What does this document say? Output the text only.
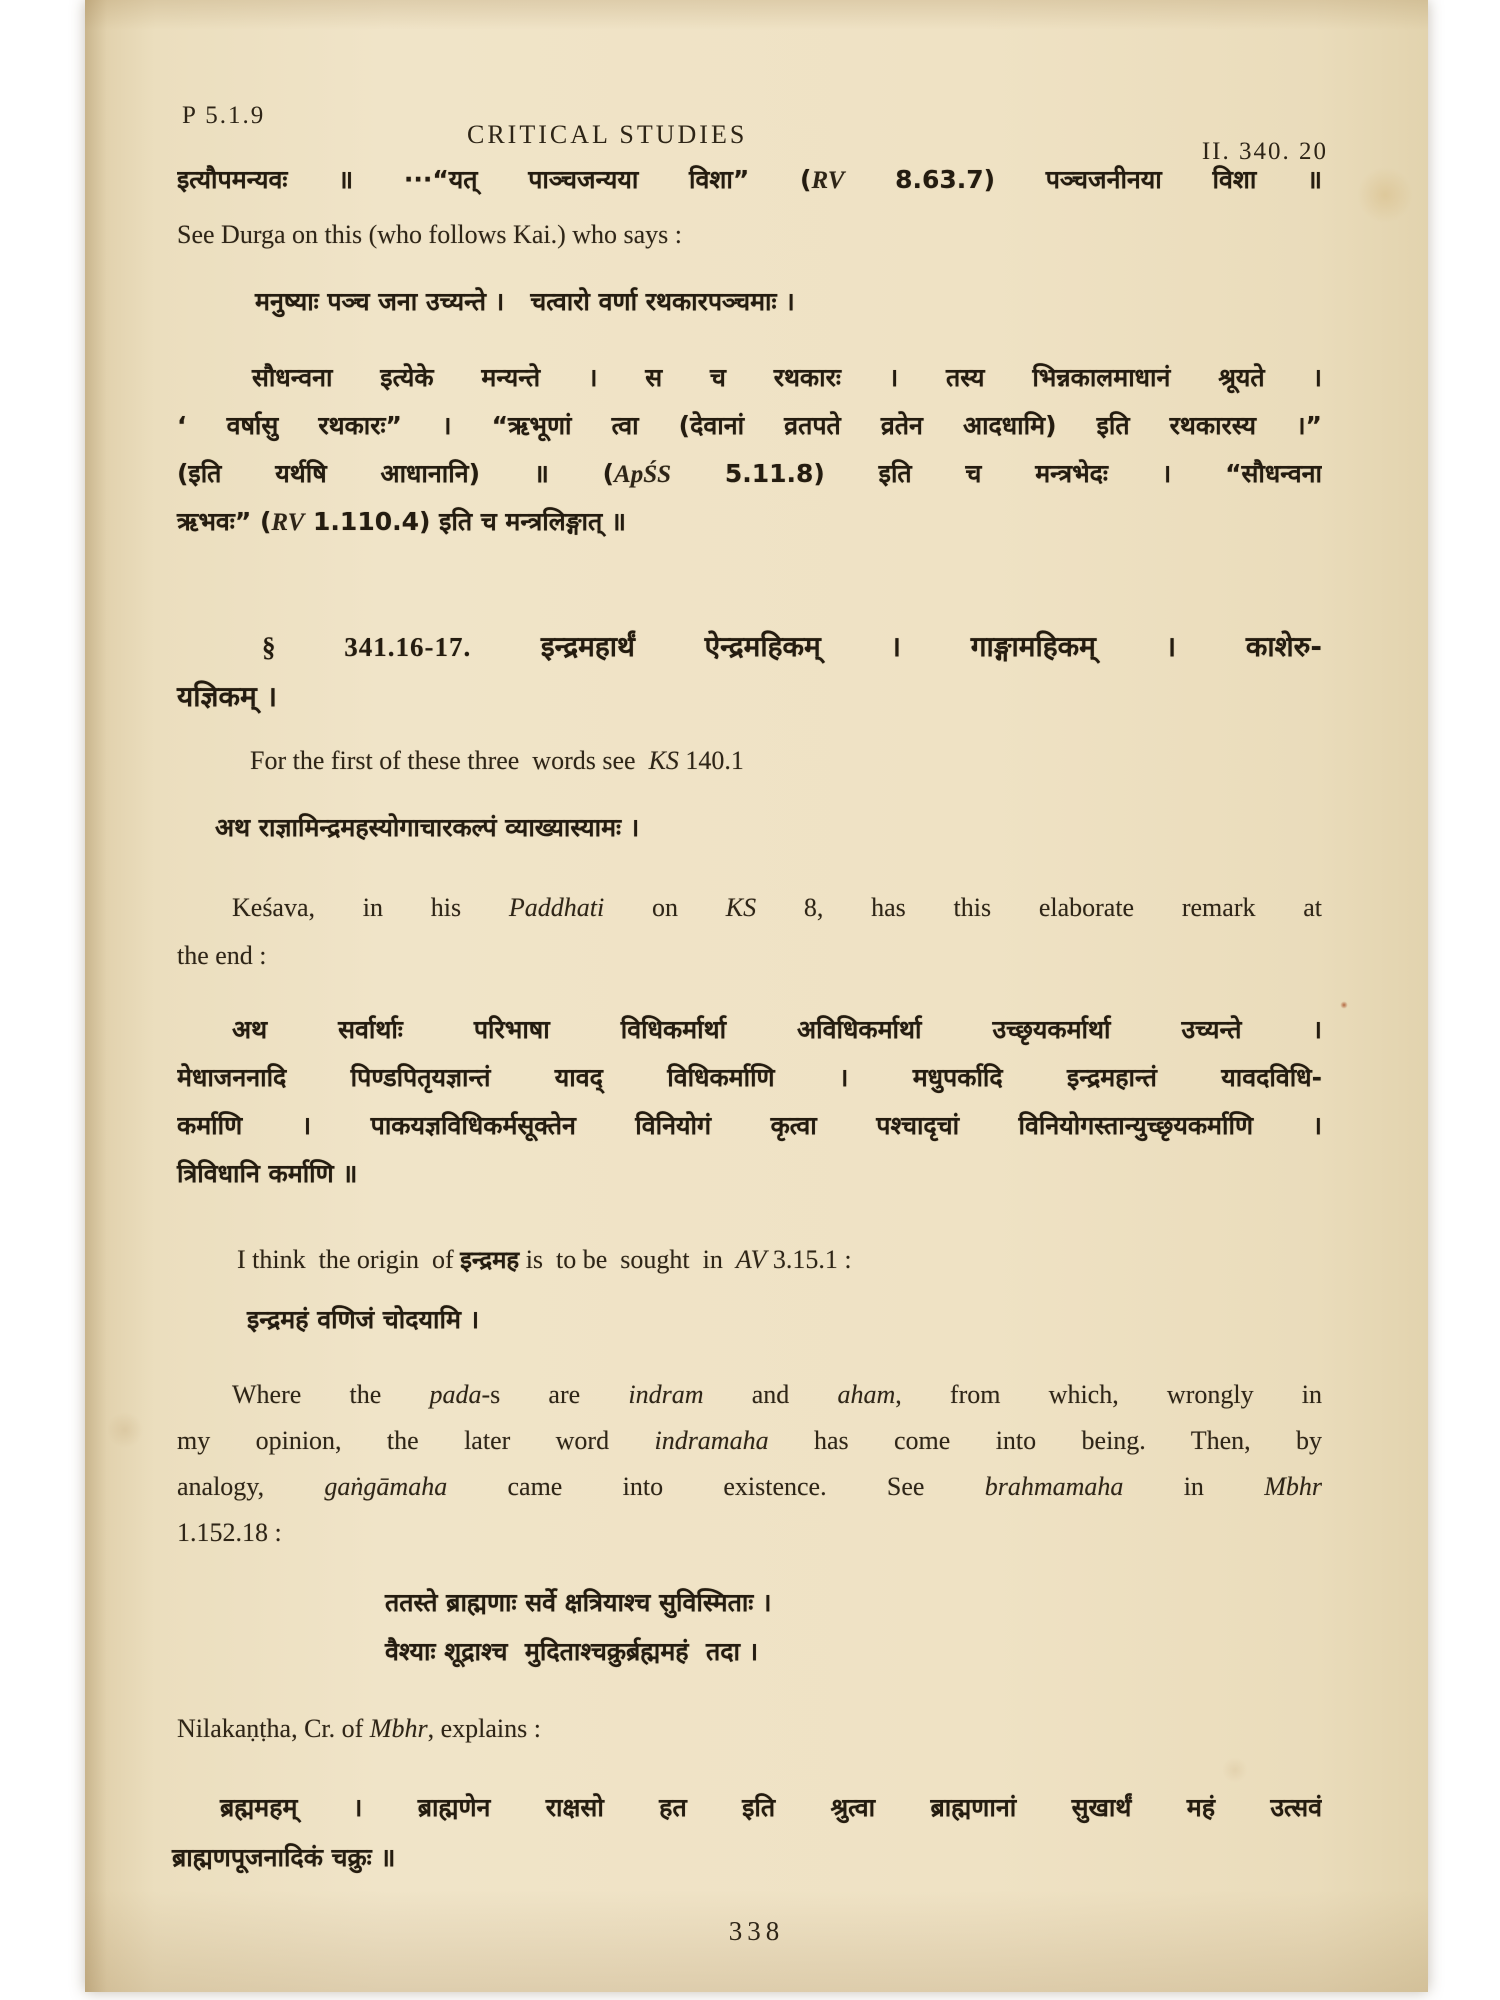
P 5.1.9

CRITICAL STUDIES

II. 340. 20

इत्यौपमन्यवः ॥ ···“यत् पाञ्चजन्यया विशा” (RV 8.63.7) पञ्चजनीनया विशा ॥
See Durga on this (who follows Kai.) who says :
मनुष्याः पञ्च जना उच्यन्ते ।   चत्वारो वर्णा रथकारपञ्चमाः ।
सौधन्वना इत्येके मन्यन्ते । स च रथकारः । तस्य भिन्नकालमाधानं श्रूयते ।
‘ वर्षासु रथकारः” । “ऋभूणां त्वा (देवानां व्रतपते व्रतेन आदधामि) इति रथकारस्य ।”
(इति यर्थषि आधानानि) ॥ (ApŚS 5.11.8) इति च मन्त्रभेदः । “सौधन्वना
ऋभवः” (RV 1.110.4) इति च मन्त्रलिङ्गात् ॥
§ 341.16-17. इन्द्रमहार्थं ऐन्द्रमहिकम् । गाङ्गामहिकम् । काशेरु-
यज्ञिकम् ।
For the first of these three  words see  KS 140.1
अथ राज्ञामिन्द्रमहस्योगाचारकल्पं व्याख्यास्यामः ।
Keśava, in his Paddhati on KS 8, has this elaborate remark at
the end :
अथ सर्वार्थाः परिभाषा विधिकर्मार्था अविधिकर्मार्था उच्छृयकर्मार्था उच्यन्ते ।
मेधाजननादि पिण्डपितृयज्ञान्तं यावद् विधिकर्माणि । मधुपर्कादि इन्द्रमहान्तं यावदविधि-
कर्माणि । पाकयज्ञविधिकर्मसूक्तेन विनियोगं कृत्वा पश्चादृचां विनियोगस्तान्युच्छृयकर्माणि ।
त्रिविधानि कर्माणि ॥
I think  the origin  of इन्द्रमह is  to be  sought  in  AV 3.15.1 :
इन्द्रमहं वणिजं चोदयामि ।
Where the pada-s are indram and aham, from which, wrongly in
my opinion, the later word indramaha has come into being. Then, by
analogy, gaṅgāmaha came into existence. See brahmamaha in Mbhr
1.152.18 :
ततस्ते ब्राह्मणाः सर्वे क्षत्रियाश्च सुविस्मिताः ।
वैश्याः शूद्राश्च  मुदिताश्चक्रुर्ब्रह्ममहं  तदा ।
Nilakaṇṭha, Cr. of Mbhr, explains :
ब्रह्ममहम् । ब्राह्मणेन राक्षसो हत इति श्रुत्वा ब्राह्मणानां सुखार्थं महं उत्सवं
ब्राह्मणपूजनादिकं चक्रुः ॥
338
